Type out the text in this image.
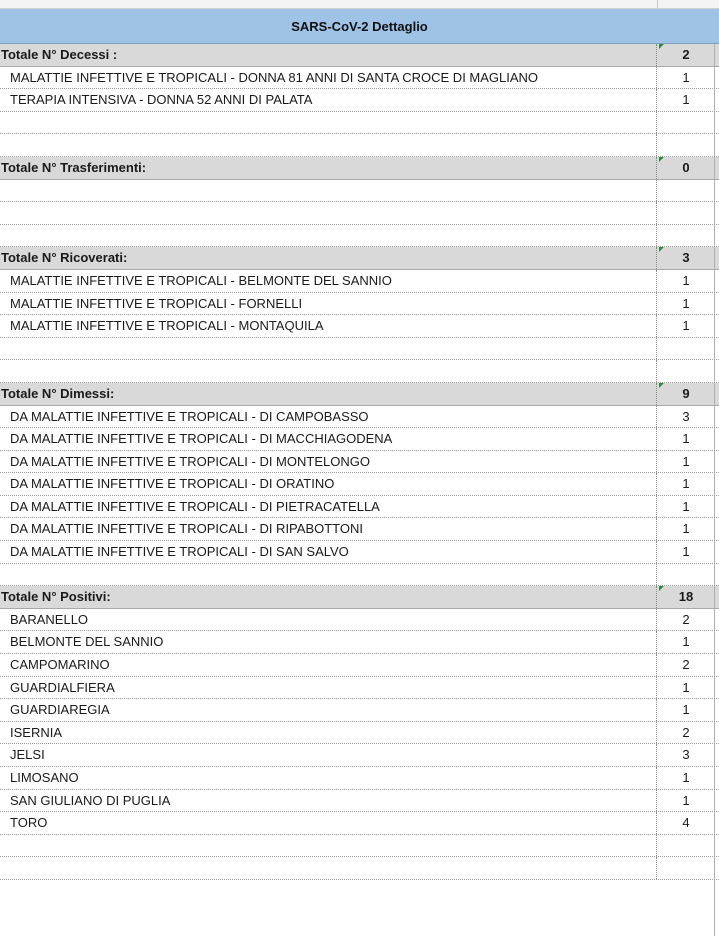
SARS-CoV-2 Dettaglio
Totale N° Decessi :	2
MALATTIE INFETTIVE E TROPICALI - DONNA 81 ANNI DI SANTA CROCE DI MAGLIANO	1
TERAPIA INTENSIVA - DONNA 52 ANNI DI PALATA	1
Totale N° Trasferimenti:	0
Totale N° Ricoverati:	3
MALATTIE INFETTIVE E TROPICALI - BELMONTE DEL SANNIO	1
MALATTIE INFETTIVE E TROPICALI - FORNELLI	1
MALATTIE INFETTIVE E TROPICALI - MONTAQUILA	1
Totale N° Dimessi:	9
DA MALATTIE INFETTIVE E TROPICALI - DI CAMPOBASSO	3
DA MALATTIE INFETTIVE E TROPICALI - DI MACCHIAGODENA	1
DA MALATTIE INFETTIVE E TROPICALI - DI MONTELONGO	1
DA MALATTIE INFETTIVE E TROPICALI - DI ORATINO	1
DA MALATTIE INFETTIVE E TROPICALI - DI PIETRACATELLA	1
DA MALATTIE INFETTIVE E TROPICALI - DI RIPABOTTONI	1
DA MALATTIE INFETTIVE E TROPICALI - DI SAN SALVO	1
Totale N° Positivi:	18
BARANELLO	2
BELMONTE DEL SANNIO	1
CAMPOMARINO	2
GUARDIALFIERA	1
GUARDIAREGIA	1
ISERNIA	2
JELSI	3
LIMOSANO	1
SAN GIULIANO DI PUGLIA	1
TORO	4
